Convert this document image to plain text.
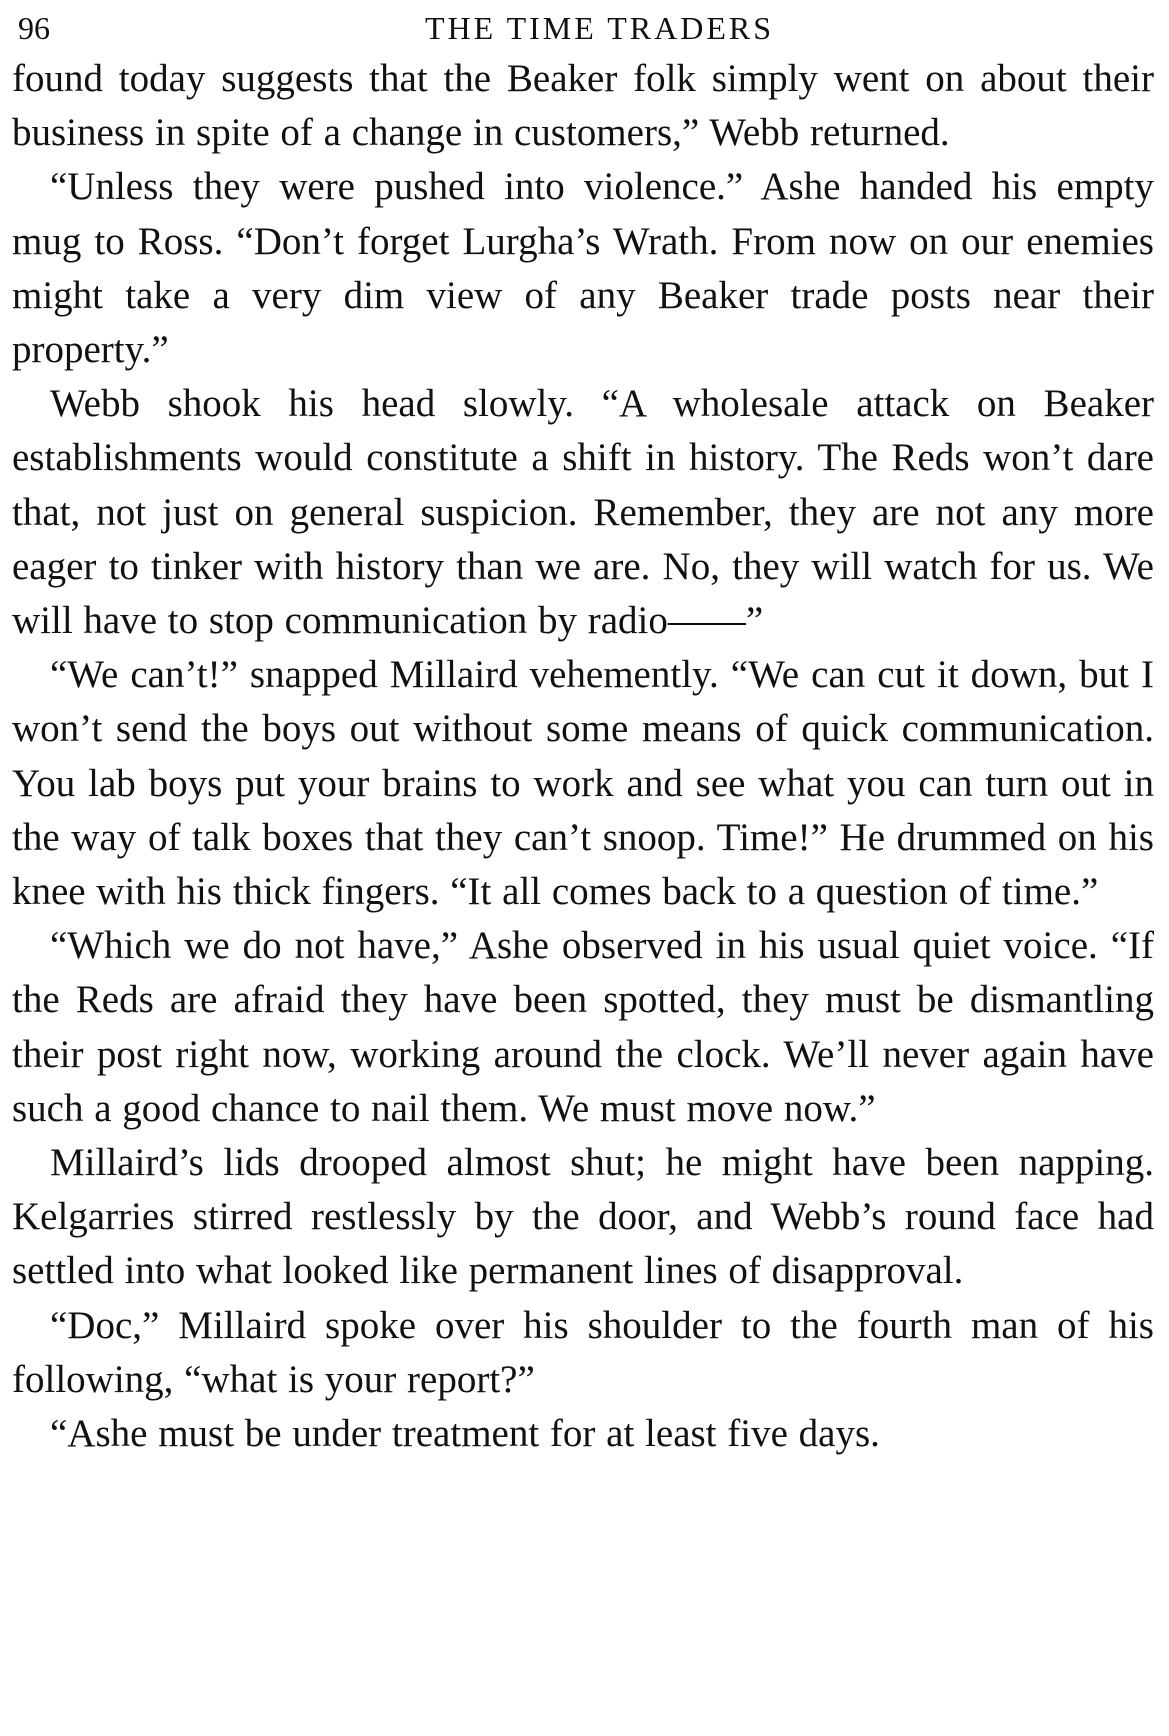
96	THE TIME TRADERS

found today suggests that the Beaker folk simply went on about their business in spite of a change in customers,” Webb returned.

“Unless they were pushed into violence.” Ashe handed his empty mug to Ross. “Don’t forget Lurgha’s Wrath. From now on our enemies might take a very dim view of any Beaker trade posts near their property.”

Webb shook his head slowly. “A wholesale attack on Beaker establishments would constitute a shift in history. The Reds won’t dare that, not just on general suspicion. Remember, they are not any more eager to tinker with history than we are. No, they will watch for us. We will have to stop communication by radio——”

“We can’t!” snapped Millaird vehemently. “We can cut it down, but I won’t send the boys out without some means of quick communication. You lab boys put your brains to work and see what you can turn out in the way of talk boxes that they can’t snoop. Time!” He drummed on his knee with his thick fingers. “It all comes back to a question of time.”

“Which we do not have,” Ashe observed in his usual quiet voice. “If the Reds are afraid they have been spotted, they must be dismantling their post right now, working around the clock. We’ll never again have such a good chance to nail them. We must move now.”

Millaird’s lids drooped almost shut; he might have been napping. Kelgarries stirred restlessly by the door, and Webb’s round face had settled into what looked like permanent lines of disapproval.

“Doc,” Millaird spoke over his shoulder to the fourth man of his following, “what is your report?”

“Ashe must be under treatment for at least five days.
